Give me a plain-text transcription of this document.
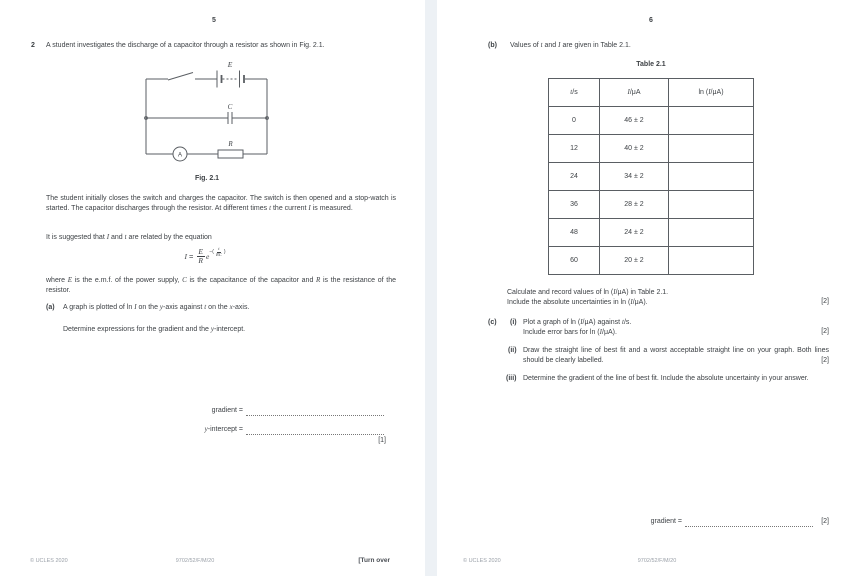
5
2	A student investigates the discharge of a capacitor through a resistor as shown in Fig. 2.1.
E
C
A
R
Fig. 2.1
The student initially closes the switch and charges the capacitor. The switch is then opened and a stop-watch is started. The capacitor discharges through the resistor. At different times t the current I is measured.
It is suggested that I and t are related by the equation
$I = \frac{E}{R}$ e −( $\frac{t}{RC}$ )
where E is the e.m.f. of the power supply, C is the capacitance of the capacitor and R is the resistance of the resistor.
(a)	A graph is plotted of ln I on the y-axis against t on the x-axis.
Determine expressions for the gradient and the y-intercept.
gradient =
y-intercept =
[1]
© UCLES 2020	9702/52/F/M/20	[Turn over
6
(b)	Values of t and I are given in Table 2.1.
Table 2.1
t/s	I/μA	ln (I/μA)
0	46 ± 2	
12	40 ± 2	
24	34 ± 2	
36	28 ± 2	
48	24 ± 2	
60	20 ± 2	
Calculate and record values of ln (I/μA) in Table 2.1.
Include the absolute uncertainties in ln (I/μA).	[2]
(c)	(i) Plot a graph of ln (I/μA) against t/s.
Include error bars for ln (I/μA).	[2]
(ii) Draw the straight line of best fit and a worst acceptable straight line on your graph. Both lines should be clearly labelled.	[2]
(iii) Determine the gradient of the line of best fit. Include the absolute uncertainty in your answer.
gradient =	[2]
© UCLES 2020	9702/52/F/M/20
